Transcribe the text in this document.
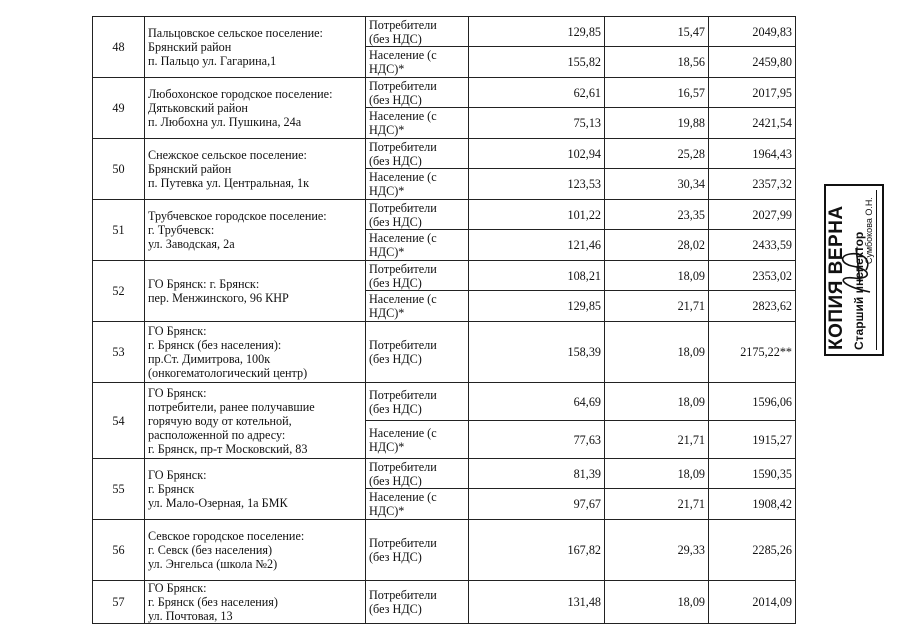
48	Пальцовское сельское поселение:
Брянский район
п. Пальцо ул. Гагарина,1	Потребители
(без НДС)	129,85	15,47	2049,83
		Население (с
НДС)*	155,82	18,56	2459,80
49	Любохонское городское поселение:
Дятьковский район
п. Любохна ул. Пушкина, 24а	Потребители
(без НДС)	62,61	16,57	2017,95
		Население (с
НДС)*	75,13	19,88	2421,54
50	Снежское сельское поселение:
Брянский район
п. Путевка ул. Центральная, 1к	Потребители
(без НДС)	102,94	25,28	1964,43
		Население (с
НДС)*	123,53	30,34	2357,32
51	Трубчевское городское поселение:
г. Трубчевск:
ул. Заводская, 2а	Потребители
(без НДС)	101,22	23,35	2027,99
		Население (с
НДС)*	121,46	28,02	2433,59
52	ГО Брянск: г. Брянск:
пер. Менжинского, 96 КНР	Потребители
(без НДС)	108,21	18,09	2353,02
		Население (с
НДС)*	129,85	21,71	2823,62
53	ГО Брянск:
г. Брянск (без населения):
пр.Ст. Димитрова, 100к
(онкогематологический центр)	Потребители
(без НДС)	158,39	18,09	2175,22**
54	ГО Брянск:
потребители, ранее получавшие
горячую воду от котельной,
расположенной по адресу:
г. Брянск, пр-т Московский, 83	Потребители
(без НДС)	64,69	18,09	1596,06
		Население (с
НДС)*	77,63	21,71	1915,27
55	ГО Брянск:
г. Брянск
ул. Мало-Озерная, 1а БМК	Потребители
(без НДС)	81,39	18,09	1590,35
		Население (с
НДС)*	97,67	21,71	1908,42
56	Севское городское поселение:
г. Севск (без населения)
ул. Энгельса (школа №2)	Потребители
(без НДС)	167,82	29,33	2285,26
57	ГО Брянск:
г. Брянск (без населения)
ул. Почтовая, 13	Потребители
(без НДС)	131,48	18,09	2014,09
КОПИЯ ВЕРНА Старший инспектор
Сумбокова О.Н.
